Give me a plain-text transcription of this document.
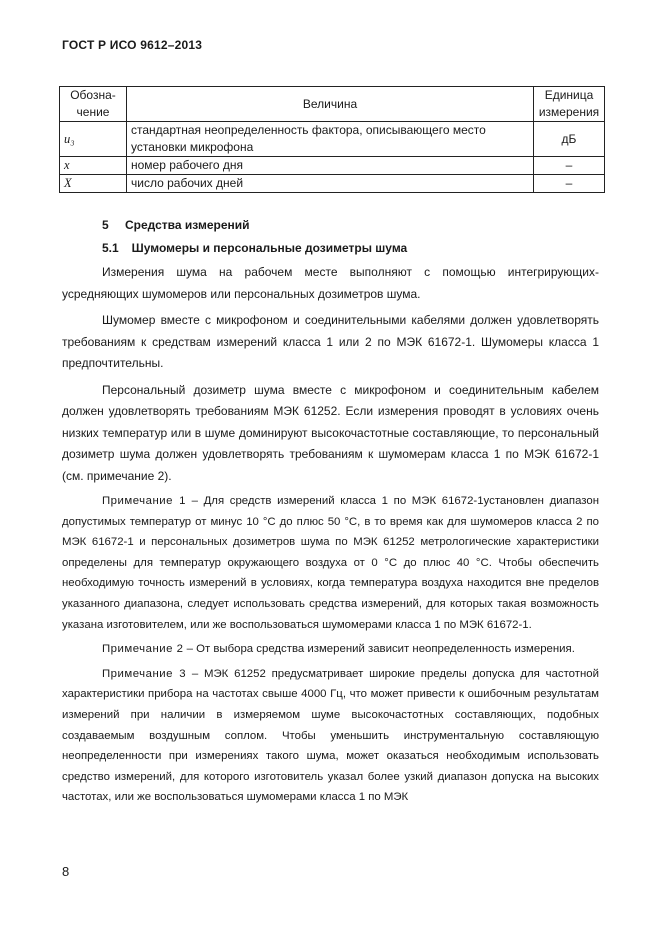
ГОСТ Р ИСО 9612–2013
Обозна-чение	Величина	Единица измерения
u₃	стандартная неопределенность фактора, описывающего место установки микрофона	дБ
x	номер рабочего дня	–
X	число рабочих дней	–
5 Средства измерений
5.1 Шумомеры и персональные дозиметры шума

Измерения шума на рабочем месте выполняют с помощью интегрирующих-усредняющих шумомеров или персональных дозиметров шума.

Шумомер вместе с микрофоном и соединительными кабелями должен удовлетворять требованиям к средствам измерений класса 1 или 2 по МЭК 61672-1. Шумомеры класса 1 предпочтительны.

Персональный дозиметр шума вместе с микрофоном и соединительным кабелем должен удовлетворять требованиям МЭК 61252. Если измерения проводят в условиях очень низких температур или в шуме доминируют высокочастотные составляющие, то персональный дозиметр шума должен удовлетворять требованиям к шумомерам класса 1 по МЭК 61672-1 (см. примечание 2).

Примечание 1 – Для средств измерений класса 1 по МЭК 61672-1установлен диапазон допустимых температур от минус 10 °С до плюс 50 °С, в то время как для шумомеров класса 2 по МЭК 61672-1 и персональных дозиметров шума по МЭК 61252 метрологические характеристики определены для температур окружающего воздуха от 0 °С до плюс 40 °С. Чтобы обеспечить необходимую точность измерений в условиях, когда температура воздуха находится вне пределов указанного диапазона, следует использовать средства измерений, для которых такая возможность указана изготовителем, или же воспользоваться шумомерами класса 1 по МЭК 61672-1.

Примечание 2 – От выбора средства измерений зависит неопределенность измерения.

Примечание 3 – МЭК 61252 предусматривает широкие пределы допуска для частотной характеристики прибора на частотах свыше 4000 Гц, что может привести к ошибочным результатам измерений при наличии в измеряемом шуме высокочастотных составляющих, подобных создаваемым воздушным соплом. Чтобы уменьшить инструментальную составляющую неопределенности при измерениях такого шума, может оказаться необходимым использовать средство измерений, для которого изготовитель указал более узкий диапазон допуска на высоких частотах, или же воспользоваться шумомерами класса 1 по МЭК

8
